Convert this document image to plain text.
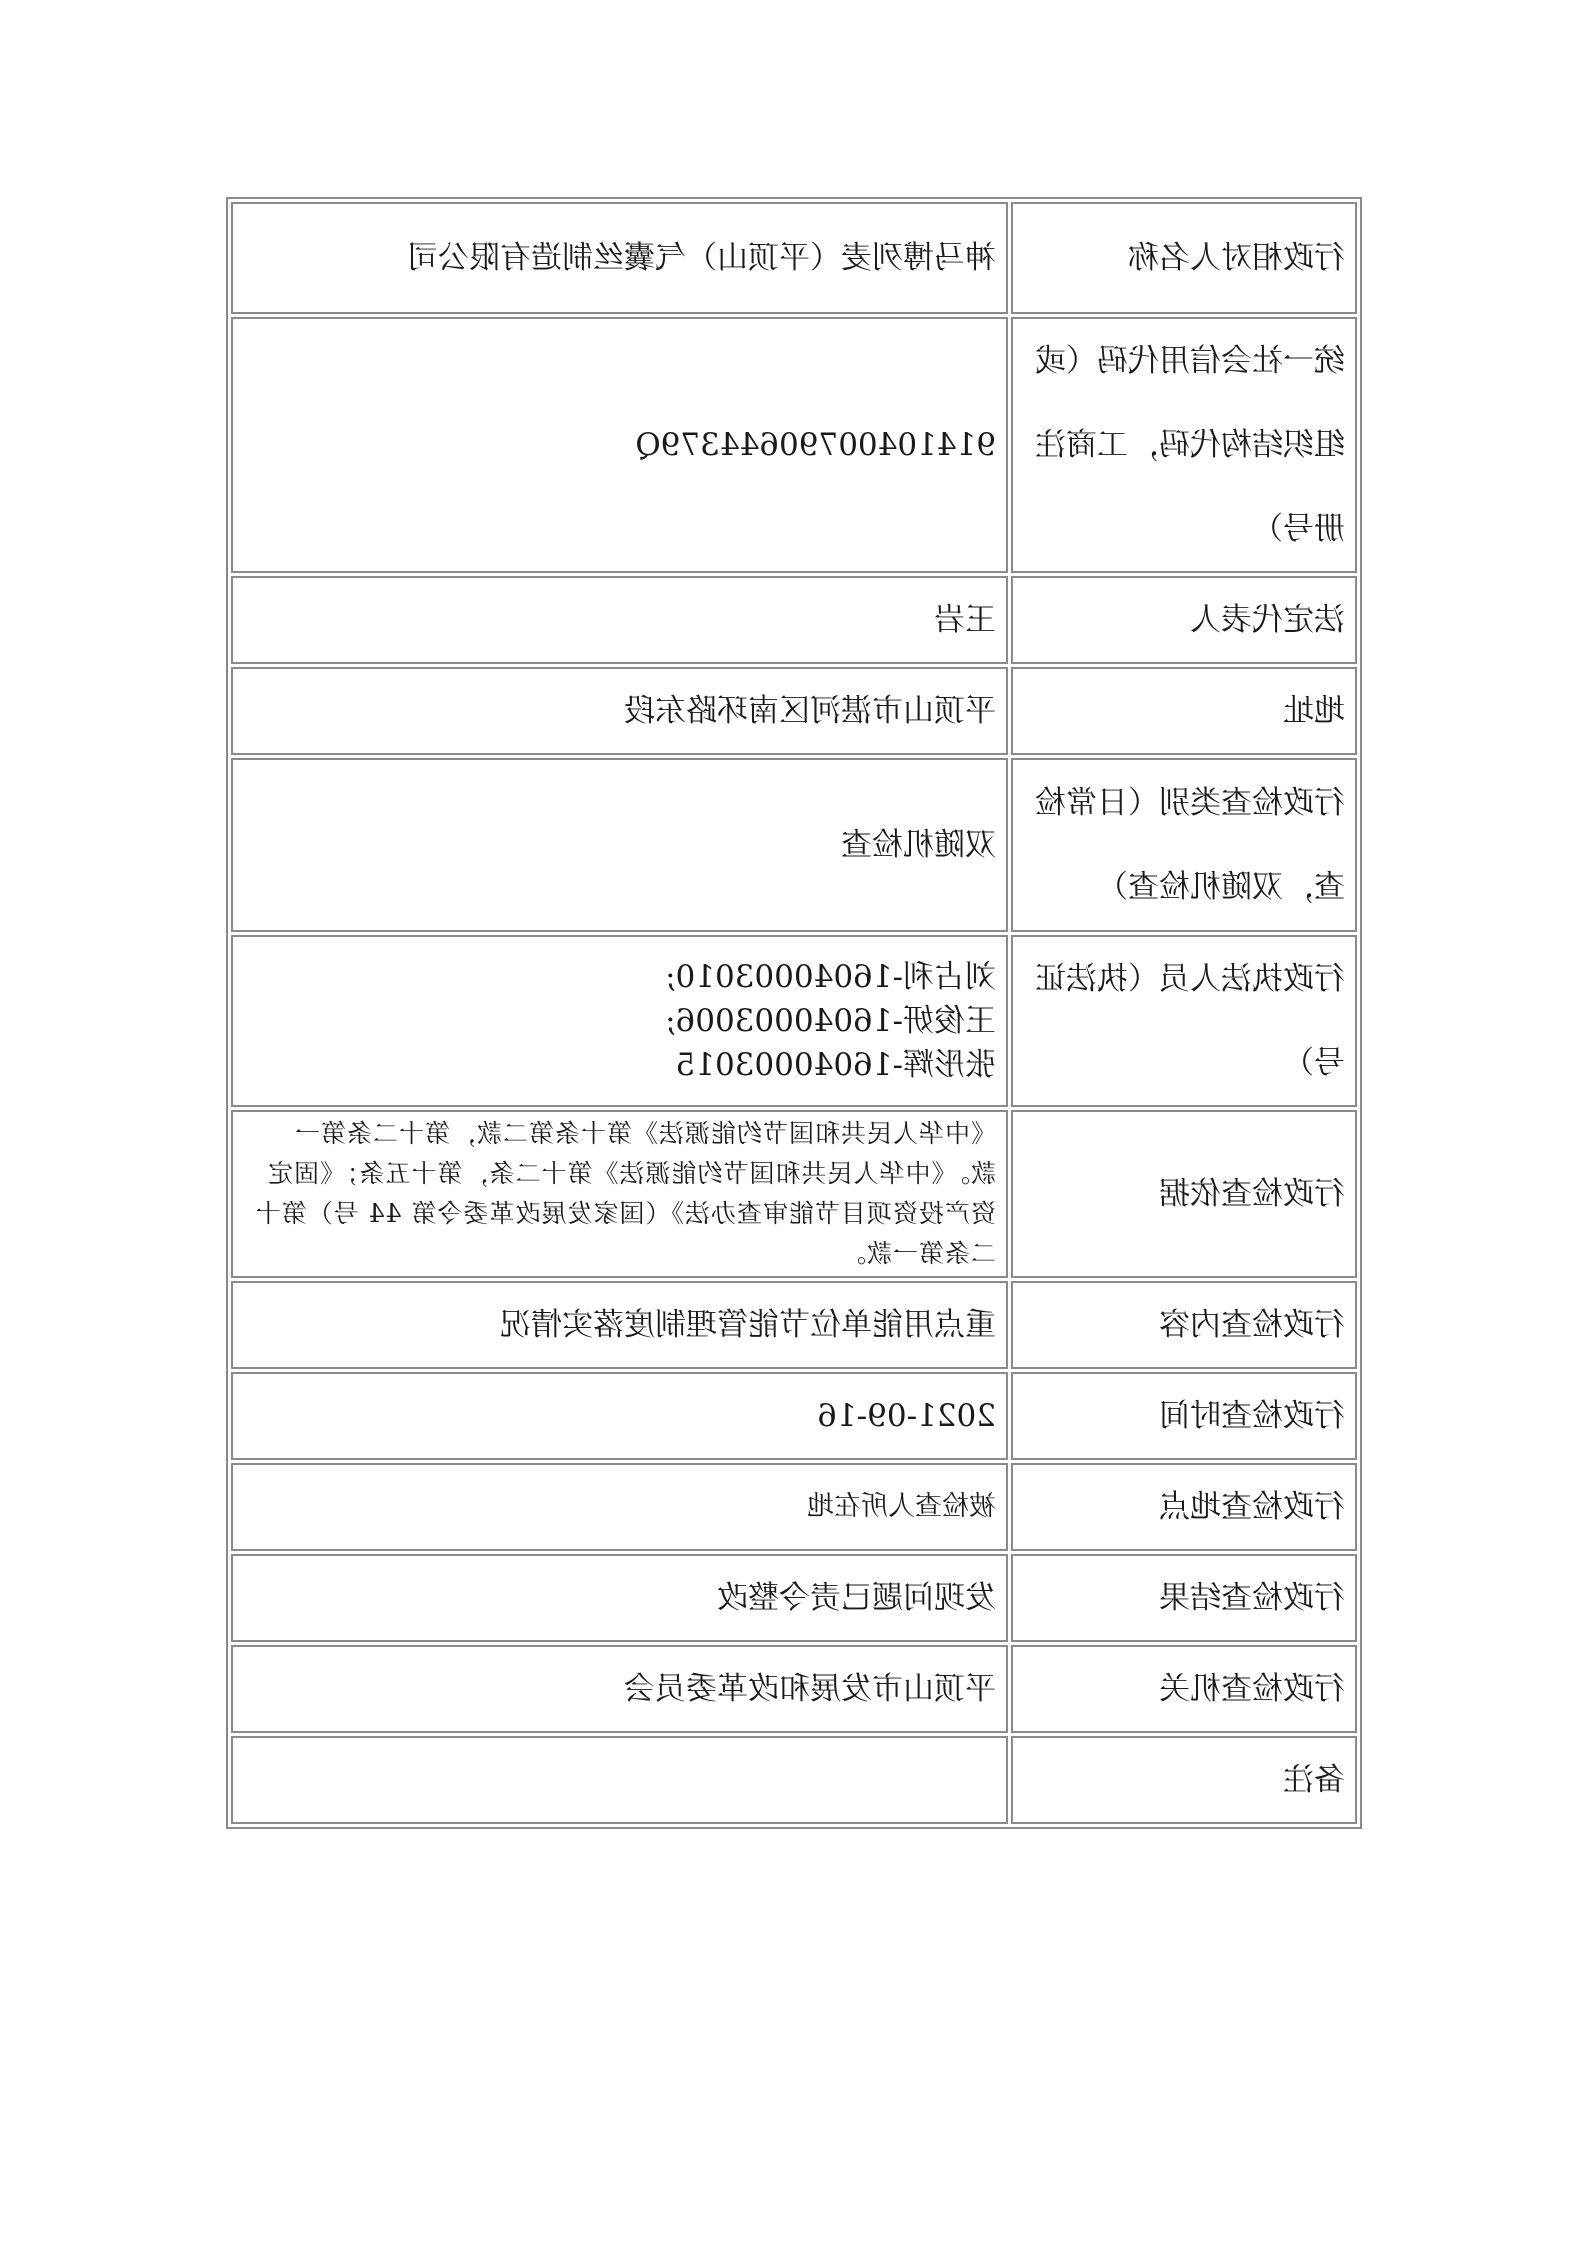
行政相对人名称	神马博列麦（平顶山）气囊丝制造有限公司
统一社会信用代码（或组织结构代码，工商注册号）	91410400790644379Q
法定代表人	王岩
地址	平顶山市湛河区南环路东段
行政检查类别（日常检查，双随机检查）	双随机检查
行政执法人员（执法证号）	刘占利-16040003010;
王俊妍-16040003006;
张彤辉-16040003015

行政检查依据	《中华人民共和国节约能源法》第十条第二款，第十二条第一款。《中华人民共和国节约能源法》第十二条，第十五条；《固定资产投资项目节能审查办法》（国家发展改革委令第 44 号）第十二条第一款。
行政检查内容	重点用能单位节能管理制度落实情况
行政检查时间	2021-09-16
行政检查地点	被检查人所在地
行政检查结果	发现问题已责令整改
行政检查机关	平顶山市发展和改革委员会
备注	
